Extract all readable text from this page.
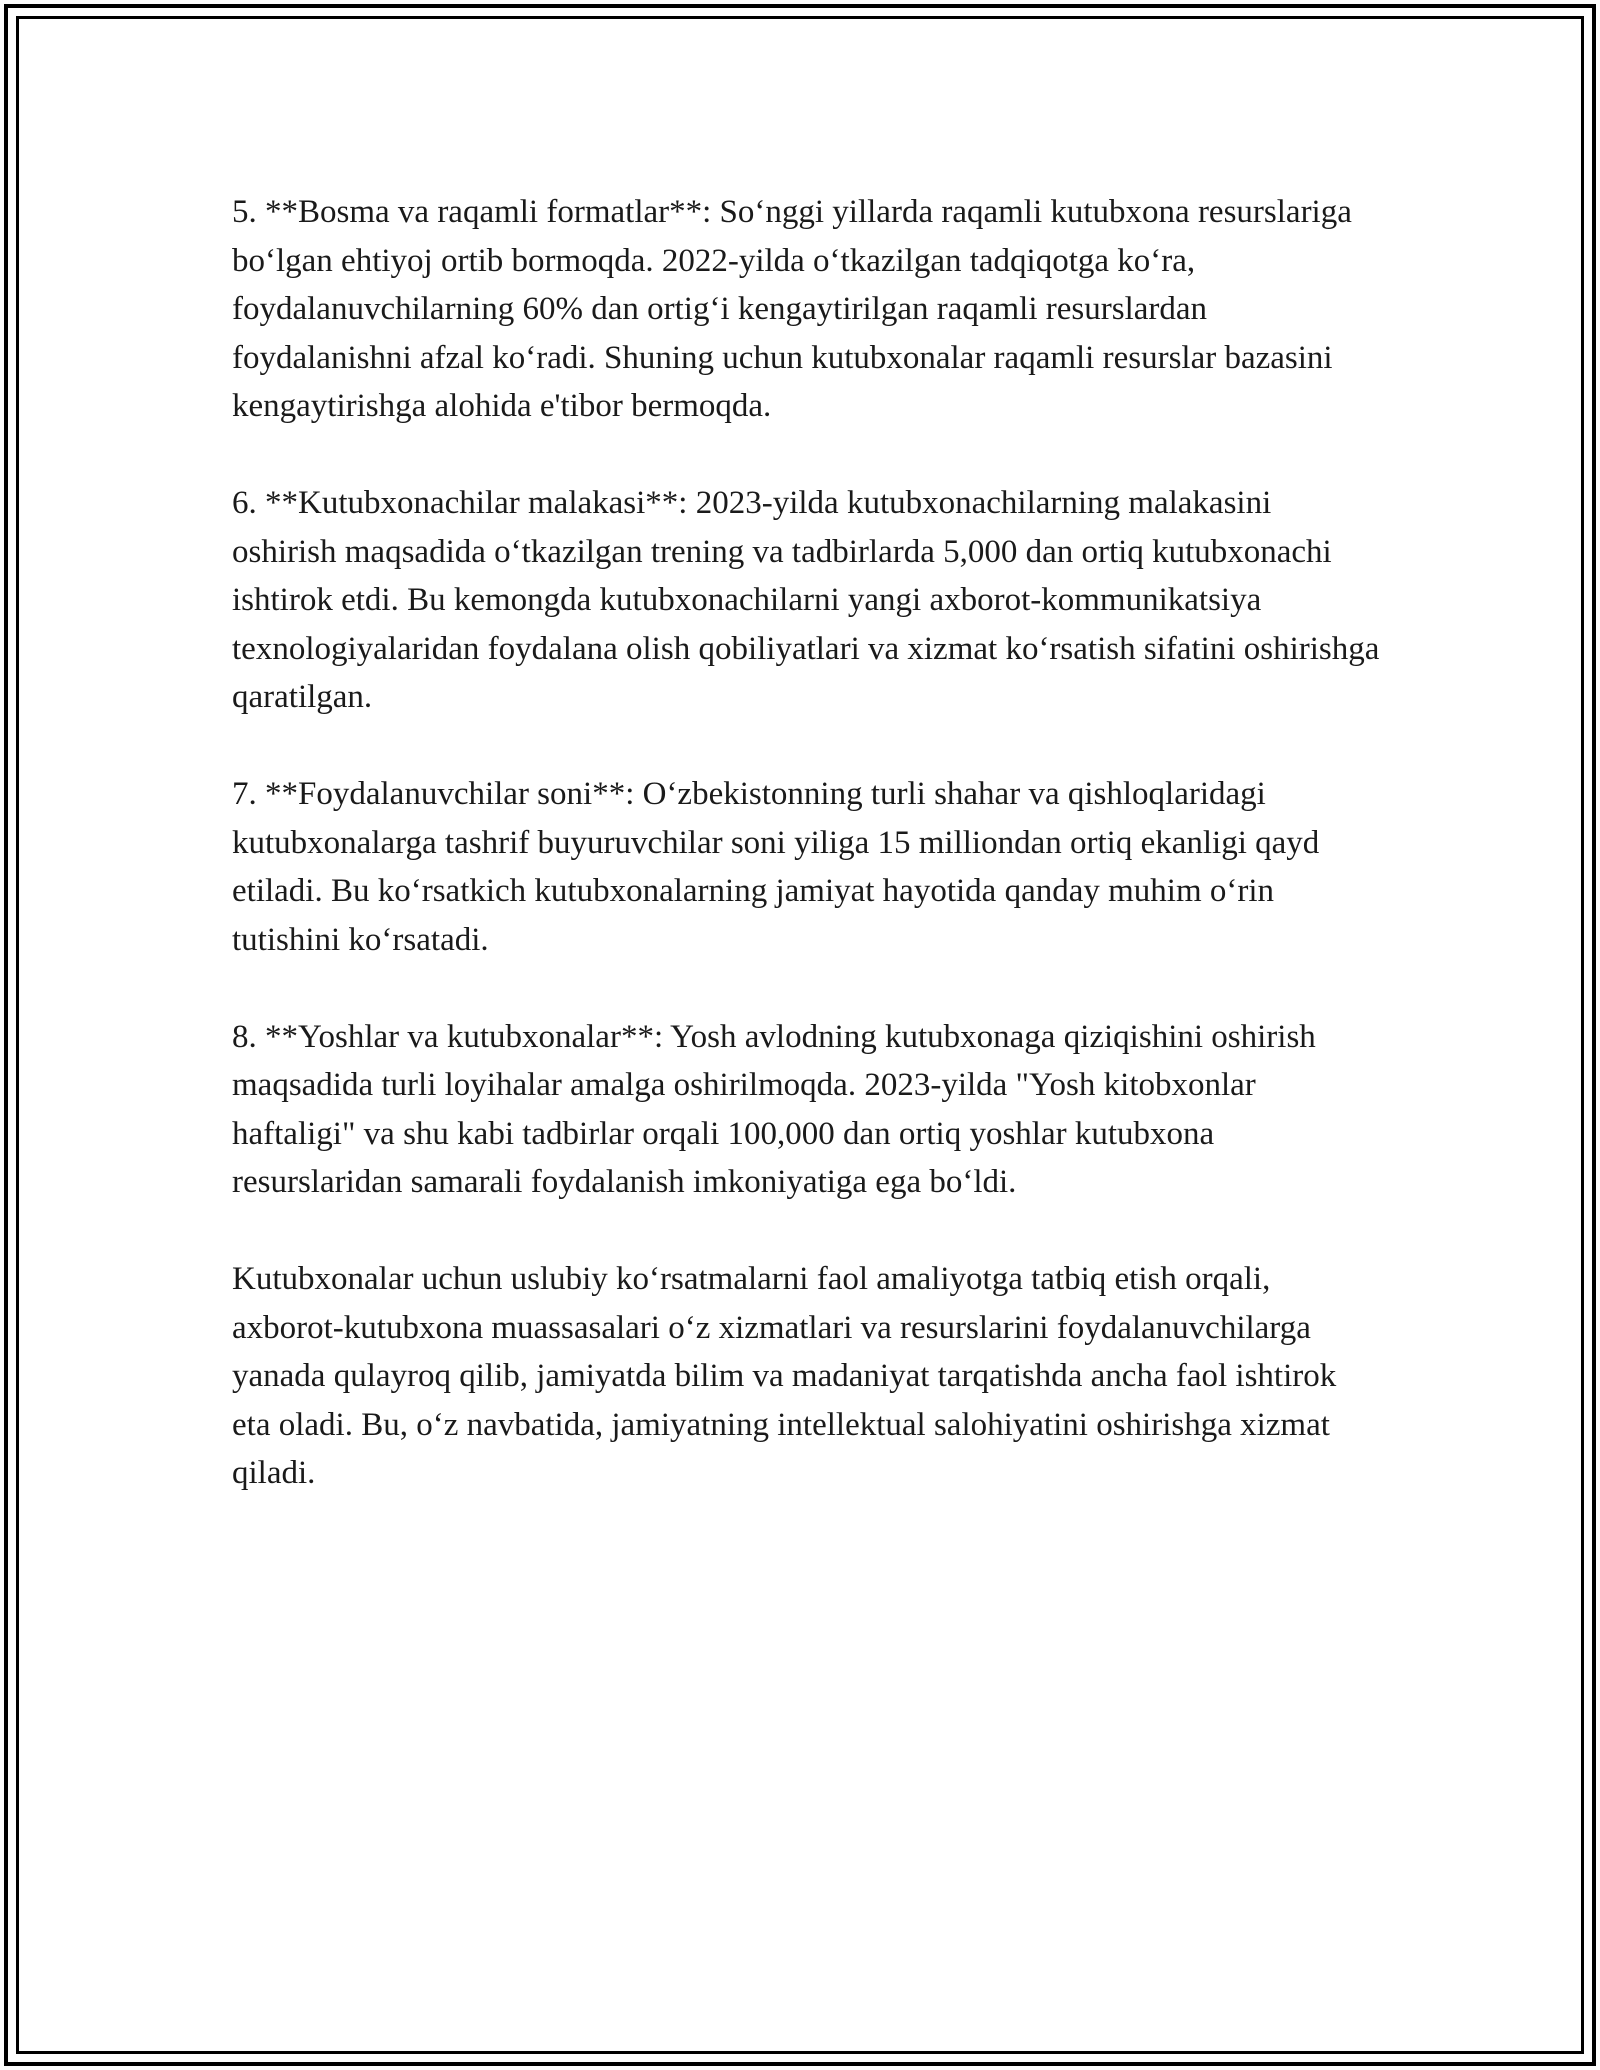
5. **Bosma va raqamli formatlar**: So‘nggi yillarda raqamli kutubxona resurslariga bo‘lgan ehtiyoj ortib bormoqda. 2022-yilda o‘tkazilgan tadqiqotga ko‘ra, foydalanuvchilarning 60% dan ortig‘i kengaytirilgan raqamli resurslardan foydalanishni afzal ko‘radi. Shuning uchun kutubxonalar raqamli resurslar bazasini kengaytirishga alohida e'tibor bermoqda.

6. **Kutubxonachilar malakasi**: 2023-yilda kutubxonachilarning malakasini oshirish maqsadida o‘tkazilgan trening va tadbirlarda 5,000 dan ortiq kutubxonachi ishtirok etdi. Bu kemongda kutubxonachilarni yangi axborot-kommunikatsiya texnologiyalaridan foydalana olish qobiliyatlari va xizmat ko‘rsatish sifatini oshirishga qaratilgan.

7. **Foydalanuvchilar soni**: O‘zbekistonning turli shahar va qishloqlaridagi kutubxonalarga tashrif buyuruvchilar soni yiliga 15 milliondan ortiq ekanligi qayd etiladi. Bu ko‘rsatkich kutubxonalarning jamiyat hayotida qanday muhim o‘rin tutishini ko‘rsatadi.

8. **Yoshlar va kutubxonalar**: Yosh avlodning kutubxonaga qiziqishini oshirish maqsadida turli loyihalar amalga oshirilmoqda. 2023-yilda "Yosh kitobxonlar haftaligi" va shu kabi tadbirlar orqali 100,000 dan ortiq yoshlar kutubxona resurslaridan samarali foydalanish imkoniyatiga ega bo‘ldi.

Kutubxonalar uchun uslubiy ko‘rsatmalarni faol amaliyotga tatbiq etish orqali, axborot-kutubxona muassasalari o‘z xizmatlari va resurslarini foydalanuvchilarga yanada qulayroq qilib, jamiyatda bilim va madaniyat tarqatishda ancha faol ishtirok eta oladi. Bu, o‘z navbatida, jamiyatning intellektual salohiyatini oshirishga xizmat qiladi.
